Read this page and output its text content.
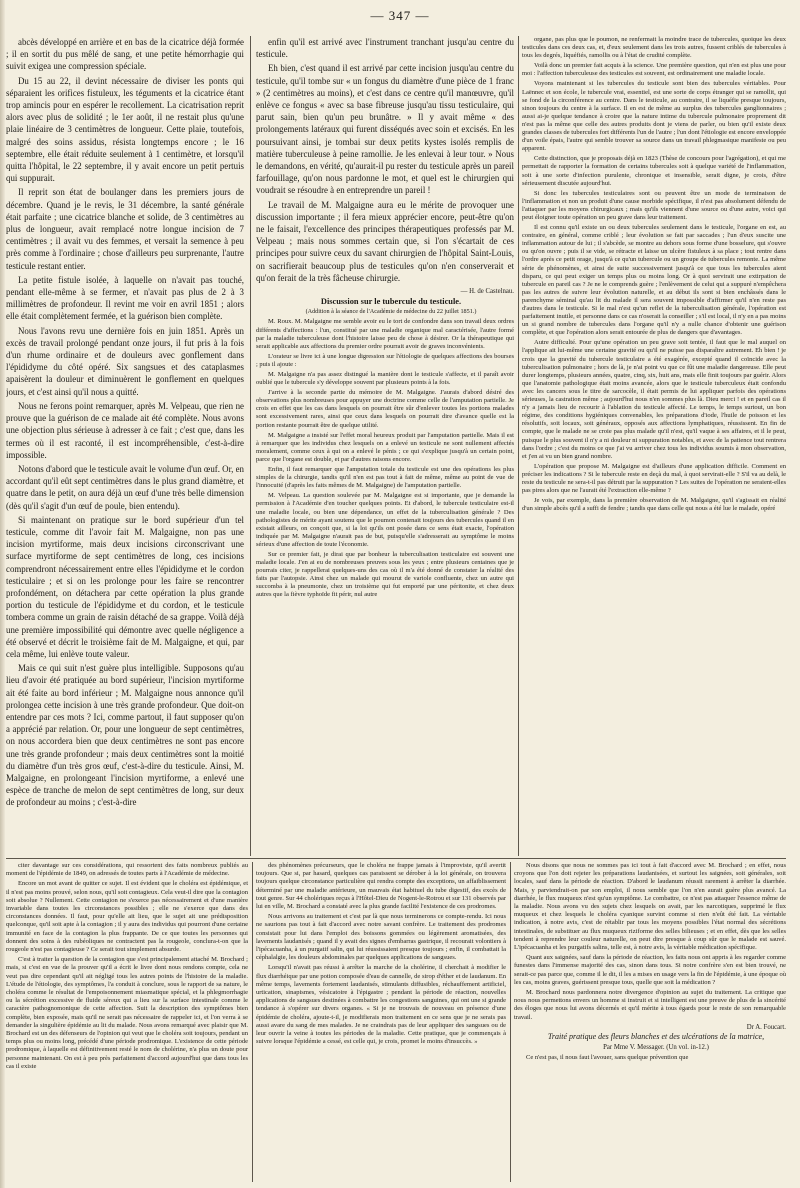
— 347 —

abcès développé en arrière et en bas de la cicatrice déjà formée ; il en sortit du pus mêlé de sang, et une petite hémorrhagie qui suivit exigea une compression spéciale.

Du 15 au 22, il devint nécessaire de diviser les ponts qui séparaient les orifices fistuleux, les téguments et la cicatrice étant trop amincis pour en espérer le recollement. La cicatrisation reprit alors avec plus de solidité ; le 1er août, il ne restait plus qu'une plaie linéaire de 3 centimètres de longueur. Cette plaie, toutefois, malgré des soins assidus, résista longtemps encore ; le 16 septembre, elle était réduite seulement à 1 centimètre, et lorsqu'il quitta l'hôpital, le 22 septembre, il y avait encore un petit pertuis qui suppurait.

Il reprit son état de boulanger dans les premiers jours de décembre. Quand je le revis, le 31 décembre, la santé générale était parfaite ; une cicatrice blanche et solide, de 3 centimètres au plus de longueur, avait remplacé notre longue incision de 7 centimètres ; il avait vu des femmes, et versait la semence à peu près comme à l'ordinaire ; chose d'ailleurs peu surprenante, l'autre testicule restant entier.

La petite fistule isolée, à laquelle on n'avait pas touché, pendant elle-même à se fermer, et n'avait pas plus de 2 à 3 millimètres de profondeur. Il revint me voir en avril 1851 ; alors elle était complètement fermée, et la guérison bien complète.

Nous l'avons revu une dernière fois en juin 1851. Après un excès de travail prolongé pendant onze jours, il fut pris à la fois d'un rhume ordinaire et de douleurs avec gonflement dans l'épididyme du côté opéré. Six sangsues et des cataplasmes apaisèrent la douleur et diminuèrent le gonflement en quelques jours, et c'est ainsi qu'il nous a quitté.

Nous ne ferons point remarquer, après M. Velpeau, que rien ne prouve que la guérison de ce malade ait été complète. Nous avons une objection plus sérieuse à adresser à ce fait ; c'est que, dans les termes où il est raconté, il est incompréhensible, c'est-à-dire impossible.

Notons d'abord que le testicule avait le volume d'un œuf. Or, en accordant qu'il eût sept centimètres dans le plus grand diamètre, et quatre dans le petit, on aura déjà un œuf d'une très belle dimension (dès qu'il s'agit d'un œuf de poule, bien entendu).

Si maintenant on pratique sur le bord supérieur d'un tel testicule, comme dit l'avoir fait M. Malgaigne, non pas une incision myrtiforme, mais deux incisions circonscrivant une surface myrtiforme de sept centimètres de long, ces incisions comprendront nécessairement entre elles l'épididyme et le cordon testiculaire ; et si on les prolonge pour les faire se rencontrer profondément, on détachera par cette opération la plus grande portion du testicule de l'épididyme et du cordon, et le testicule tombera comme un grain de raisin détaché de sa grappe. Voilà déjà une première impossibilité qui démontre avec quelle négligence a été observé et décrit le troisième fait de M. Malgaigne, et qui, par cela même, lui enlève toute valeur.

Mais ce qui suit n'est guère plus intelligible. Supposons qu'au lieu d'avoir été pratiquée au bord supérieur, l'incision myrtiforme ait été faite au bord inférieur ; M. Malgaigne nous annonce qu'il prolongea cette incision à une très grande profondeur. Que doit-on entendre par ces mots ? Ici, comme partout, il faut supposer qu'on a apprécié par relation. Or, pour une longueur de sept centimètres, on nous accordera bien que deux centimètres ne sont pas encore une très grande profondeur ; mais deux centimètres sont la moitié du diamètre d'un très gros œuf, c'est-à-dire du testicule. Ainsi, M. Malgaigne, en prolongeant l'incision myrtiforme, a enlevé une espèce de tranche de melon de sept centimètres de long, sur deux de profondeur au moins ; c'est-à-dire

enfin qu'il est arrivé avec l'instrument tranchant jusqu'au centre du testicule.

Eh bien, c'est quand il est arrivé par cette incision jusqu'au centre du testicule, qu'il tombe sur « un fongus du diamètre d'une pièce de 1 franc » (2 centimètres au moins), et c'est dans ce centre qu'il manœuvre, qu'il enlève ce fongus « avec sa base fibreuse jusqu'au tissu testiculaire, qui parut sain, bien qu'un peu brunâtre. » Il y avait même « des prolongements latéraux qui furent disséqués avec soin et excisés. En les poursuivant ainsi, je tombai sur deux petits kystes isolés remplis de matière tuberculeuse à peine ramollie. Je les enlevai à leur tour. » Nous le demandons, en vérité, qu'aurait-il pu rester du testicule après un pareil farfouillage, qu'on nous pardonne le mot, et quel est le chirurgien qui voudrait se résoudre à en entreprendre un pareil !

Le travail de M. Malgaigne aura eu le mérite de provoquer une discussion importante ; il fera mieux apprécier encore, peut-être qu'on ne le faisait, l'excellence des principes thérapeutiques professés par M. Velpeau ; mais nous sommes certain que, si l'on s'écartait de ces principes pour suivre ceux du savant chirurgien de l'hôpital Saint-Louis, on sacrifierait beaucoup plus de testicules qu'on n'en conserverait et qu'on ferait de la très fâcheuse chirurgie.

— H. de Castelnau.

Discussion sur le tubercule du testicule.

(Addition à la séance de l'Académie de médecine du 22 juillet 1851.)

M. Roux. M. Malgaigne me semble avoir eu le tort de confondre dans son travail deux ordres différents d'affections : l'un, constitué par une maladie organique mal caractérisée, l'autre formé par la maladie tuberculeuse dont l'histoire laisse peu de chose à désirer. Or la thérapeutique qui serait applicable aux affections du premier ordre pourrait avoir de graves inconvénients.

L'orateur se livre ici à une longue digression sur l'étiologie de quelques affections des bourses ; puis il ajoute :

M. Malgaigne n'a pas assez distingué la manière dont le testicule s'affecte, et il paraît avoir oublié que le tubercule s'y développe souvent par plusieurs points à la fois.

J'arrive à la seconde partie du mémoire de M. Malgaigne. J'aurais d'abord désiré des observations plus nombreuses pour appuyer une doctrine comme celle de l'amputation partielle. Je crois en effet que les cas dans lesquels on pourrait être sûr d'enlever toutes les portions malades sont excessivement rares, ainsi que ceux dans lesquels on pourrait dire d'avance quelle est la portion restante pourrait être de quelque utilité.

M. Malgaigne a insisté sur l'effet moral heureux produit par l'amputation partielle. Mais il est à remarquer que les individus chez lesquels on a enlevé un testicule ne sont nullement affectés moralement, comme ceux à qui on a enlevé le pénis ; ce qui s'explique jusqu'à un certain point, parce que l'organe est double, et par d'autres raisons encore.

Enfin, il faut remarquer que l'amputation totale du testicule est une des opérations les plus simples de la chirurgie, tandis qu'il n'en est pas tout à fait de même, même au point de vue de l'innocuité (d'après les faits mêmes de M. Malgaigne) de l'amputation partielle.

M. Velpeau. La question soulevée par M. Malgaigne est si importante, que je demande la permission à l'Académie d'en toucher quelques points. Et d'abord, le tubercule testiculaire est-il une maladie locale, ou bien une dépendance, un effet de la tuberculisation générale ? Des pathologistes de mérite ayant soutenu que le poumon contenait toujours des tubercules quand il en existait ailleurs, on conçoit que, si la loi qu'ils ont posée dans ce sens était exacte, l'opération indiquée par M. Malgaigne n'aurait pas de but, puisqu'elle s'adresserait au symptôme le moins sérieux d'une affection de toute l'économie.

Sur ce premier fait, je dirai que par bonheur la tuberculisation testiculaire est souvent une maladie locale. J'en ai eu de nombreuses preuves sous les yeux ; entre plusieurs centaines que je pourrais citer, je rappellerai quelques-uns des cas où il m'a été donné de constater la réalité des faits par l'autopsie. Ainsi chez un malade qui mourut de variole confluente, chez un autre qui succomba à la pneumonie, chez un troisième qui fut emporté par une péritonite, et chez deux autres que la fièvre typhoïde fit périr, nul autre

organe, pas plus que le poumon, ne renfermait la moindre trace de tubercules, quoique les deux testicules dans ces deux cas, et, d'eux seulement dans les trois autres, fussent criblés de tubercules à tous les degrés, liquéfiés, ramollis ou à l'état de crudité complète.

Voilà donc un premier fait acquis à la science. Une première question, qui n'en est plus une pour moi : l'affection tuberculeuse des testicules est souvent, est ordinairement une maladie locale.

Voyons maintenant si les tubercules du testicule sont bien des tubercules véritables. Pour Laënnec et son école, le tubercule vrai, essentiel, est une sorte de corps étranger qui se ramollit, qui se fond de la circonférence au centre. Dans le testicule, au contraire, il se liquéfie presque toujours, sinon toujours du centre à la surface. Il en est de même au surplus des tubercules ganglionnaires ; aussi ai-je quelque tendance à croire que la nature intime du tubercule pulmonaire proprement dit n'est pas la même que celle des autres produits dont je viens de parler, ou bien qu'il existe deux grandes classes de tubercules fort différents l'un de l'autre ; l'un dont l'étiologie est encore enveloppée d'un voile épais, l'autre qui semble trouver sa source dans un travail phlegmasique manifeste ou peu apparent.

Cette distinction, que je proposais déjà en 1823 (Thèse de concours pour l'agrégation), et qui me permettait de rapporter la formation de certains tubercules soit à quelque variété de l'inflammation, soit à une sorte d'infection purulente, chronique et insensible, serait digne, je crois, d'être sérieusement discutée aujourd'hui.

Si donc les tubercules testiculaires sont ou peuvent être un mode de terminaison de l'inflammation et non un produit d'une cause morbide spécifique, il n'est pas absolument défendu de l'attaquer par les moyens chirurgicaux ; mais qu'ils viennent d'une source ou d'une autre, voici qui peut éloigner toute opération un peu grave dans leur traitement.

Il est connu qu'il existe un ou deux tubercules seulement dans le testicule, l'organe en est, au contraire, en général, comme criblé ; leur évolution se fait par saccades ; l'un d'eux suscite une inflammation autour de lui ; il s'abcède, se montre au dehors sous forme d'une bosselure, qui s'ouvre ou qu'on ouvre ; puis il se vide, se rétracte et laisse un ulcère fistuleux à sa place ; tout rentre dans l'ordre après ce petit orage, jusqu'à ce qu'un tubercule ou un groupe de tubercules remonte. La même série de phénomènes, et ainsi de suite successivement jusqu'à ce que tous les tubercules aient disparu, ce qui peut exiger un temps plus ou moins long. Or à quoi servirait une extirpation de tubercule en pareil cas ? Je ne le comprends guère ; l'enlèvement de celui qui a suppuré n'empêchera pas les autres de suivre leur évolution naturelle, et au début ils sont si bien enchâssés dans le parenchyme séminal qu'au lit du malade il sera souvent impossible d'affirmer qu'il n'en reste pas d'autres dans le testicule. Si le mal n'est qu'un reflet de la tuberculisation générale, l'opération est parfaitement inutile, et personne dans ce cas n'oserait la conseiller ; s'il est local, il n'y en a pas moins un si grand nombre de tubercules dans l'organe qu'il n'y a nulle chance d'obtenir une guérison complète, et que l'opération alors serait entourée de plus de dangers que d'avantages.

Autre difficulté. Pour qu'une opération un peu grave soit tentée, il faut que le mal auquel on l'applique ait lui-même une certaine gravité ou qu'il ne puisse pas disparaître autrement. Eh bien ! je crois que la gravité du tubercule testiculaire a été exagérée, excepté quand il coïncide avec la tuberculisation pulmonaire ; hors de là, je n'ai point vu que ce fût une maladie dangereuse. Elle peut durer longtemps, plusieurs années, quatre, cinq, six, huit ans, mais elle finit toujours par guérir. Alors que l'anatomie pathologique était moins avancée, alors que le testicule tuberculeux était confondu avec les cancers sous le titre de sarcocèle, il était permis de lui appliquer parfois des opérations sérieuses, la castration même ; aujourd'hui nous n'en sommes plus là. Dieu merci ! et en pareil cas il n'y a jamais lieu de recourir à l'ablation du testicule affecté. Le temps, le temps surtout, un bon régime, des conditions hygiéniques convenables, les préparations d'iode, l'huile de poisson et les résolutifs, soit locaux, soit généraux, opposés aux affections lymphatiques, réussissent. En fin de compte, que le malade ne se croie pas plus malade qu'il n'est, qu'il vaque à ses affaires, et il le peut, puisque le plus souvent il n'y a ni douleur ni suppuration notables, et avec de la patience tout rentrera dans l'ordre ; c'est du moins ce que j'ai vu arriver chez tous les individus soumis à mon observation, et j'en ai vu un bien grand nombre.

L'opération que propose M. Malgaigne est d'ailleurs d'une application difficile. Comment en préciser les indications ? Si le tubercule reste en deçà du mal, à quoi servirait-elle ? S'il va au delà, le reste du testicule ne sera-t-il pas détruit par la suppuration ? Les suites de l'opération ne seraient-elles pas pires alors que ne l'aurait été l'extraction elle-même ?

Je vois, par exemple, dans la première observation de M. Malgaigne, qu'il s'agissait en réalité d'un simple abcès qu'il a suffi de fendre ; tandis que dans celle qui nous a été lue le malade, opéré

citer davantage sur ces considérations, qui ressortent des faits nombreux publiés au moment de l'épidémie de 1849, on adressés de toutes parts à l'Académie de médecine.

Encore un mot avant de quitter ce sujet. Il est évident que le choléra est épidémique, et il n'est pas moins prouvé, selon nous, qu'il soit contagieux. Cela veut-il dire que la contagion soit absolue ? Nullement. Cette contagion ne s'exerce pas nécessairement et d'une manière invariable dans toutes les circonstances possibles ; elle ne s'exerce que dans des circonstances données. Il faut, pour qu'elle ait lieu, que le sujet ait une prédisposition quelconque, qu'il soit apte à la contagion ; il y aura des individus qui pourront d'une certaine immunité en face de la contagion la plus frappante. De ce que toutes les personnes qui donnent des soins à des rubéoliques ne contractent pas la rougeole, conclura-t-on que la rougeole n'est pas contagieuse ? Ce serait tout simplement absurde.

C'est à traiter la question de la contagion que s'est principalement attaché M. Brochard ; mais, si c'est en vue de la prouver qu'il a écrit le livre dont nous rendons compte, cela ne veut pas dire cependant qu'il ait négligé tous les autres points de l'histoire de la maladie. L'étude de l'étiologie, des symptômes, l'a conduit à conclure, sous le rapport de sa nature, le choléra comme le résultat de l'empoisonnement miasmatique spécial, et la phlegmorrhagie ou la sécrétion excessive de fluide séreux qui a lieu sur la surface intestinale comme le caractère pathognomonique de cette affection. Suit la description des symptômes bien complète, bien exposée, mais qu'il ne serait pas nécessaire de rappeler ici, et l'on verra à se demander la singulière épidémie au lit du malade. Nous avons remarqué avec plaisir que M. Brochard est un des défenseurs de l'opinion qui veut que le choléra soit toujours, pendant un temps plus ou moins long, précédé d'une période prodromique. L'existence de cette période prodromique, à laquelle est définitivement resté le nom de cholérine, n'a plus un doute pour personne maintenant. On est à peu près parfaitement d'accord aujourd'hui que dans tous les cas il existe

des phénomènes précurseurs, que le choléra ne frappe jamais à l'improviste, qu'il avertit toujours. Que si, par hasard, quelques cas paraissent se dérober à la loi générale, on trouvera toujours quelque circonstance particulière qui rendra compte des exceptions, un affaiblissement déterminé par une maladie antérieure, un mauvais état habituel du tube digestif, des excès de tout genre. Sur 44 cholériques reçus à l'Hôtel-Dieu de Nogent-le-Rotrou et sur 131 observés par lui en ville, M. Brochard a constaté avec la plus grande facilité l'existence de ces prodromes.

Nous arrivons au traitement et c'est par là que nous terminerons ce compte-rendu. Ici nous ne saurions pas tout à fait d'accord avec notre savant confrère. Le traitement des prodromes consistait pour lui dans l'emploi des boissons gommées ou légèrement aromatisées, des lavements laudanisés ; quand il y avait des signes d'embarras gastrique, il recourait volontiers à l'ipécacuanha, à un purgatif salin, qui lui réussissaient presque toujours ; enfin, il combattait la céphalalgie, les douleurs abdominales par quelques applications de sangsues.

Lorsqu'il n'avait pas réussi à arrêter la marche de la cholérine, il cherchait à modifier le flux diarrhéique par une potion composée d'eau de cannelle, de sirop d'éther et de laudanum. En même temps, lavements fortement laudanisés, stimulants diffusibles, réchauffement artificiel, urtication, sinapismes, vésicatoire à l'épigastre ; pendant la période de réaction, nouvelles applications de sangsues destinées à combattre les congestions sanguines, qui ont une si grande tendance à s'opérer sur divers organes. « Si je ne trouvais de nouveau en présence d'une épidémie de choléra, ajoute-t-il, je modifierais mon traitement en ce sens que je ne serais pas aussi avare du sang de mes malades. Je ne craindrais pas de leur appliquer des sangsues ou de leur ouvrir la veine à toutes les périodes de la maladie. Cette pratique, que je commençais à suivre lorsque l'épidémie a cessé, est celle qui, je crois, promet le moins d'insuccès. »

Nous disons que nous ne sommes pas ici tout à fait d'accord avec M. Brochard ; en effet, nous croyons que l'on doit rejeter les préparations laudanisées, et surtout les saignées, soit générales, soit locales, sauf dans la période de réaction. D'abord le laudanum réussit rarement à arrêter la diarrhée. Mais, y parviendrait-on par son emploi, il nous semble que l'on n'en aurait guère plus avancé. La diarrhée, le flux muqueux n'est qu'un symptôme. Le combattre, ce n'est pas attaquer l'essence même de la maladie. Nous avons vu des sujets chez lesquels on avait, par les narcotiques, supprimé le flux muqueux et chez lesquels le choléra cyanique survint comme si rien n'eût été fait. La véritable indication, à notre avis, c'est de rétablir par tous les moyens possibles l'état normal des sécrétions intestinales, de substituer au flux muqueux riziforme des selles bilieuses ; et en effet, dès que les selles tendent à reprendre leur couleur naturelle, on peut dire presque à coup sûr que le malade est sauvé. L'ipécacuanha et les purgatifs salins, telle est, à notre avis, la véritable médication spécifique.

Quant aux saignées, sauf dans la période de réaction, les faits nous ont appris à les regarder comme funestes dans l'immense majorité des cas, sinon dans tous. Si notre confrère s'en est bien trouvé, ne serait-ce pas parce que, comme il le dit, il les a mises en usage vers la fin de l'épidémie, à une époque où les cas, moins graves, guérissent presque tous, quelle que soit la médication ?

M. Brochard nous pardonnera notre divergence d'opinion au sujet du traitement. La critique que nous nous permettons envers un homme si instruit et si intelligent est une preuve de plus de la sincérité des éloges que nous lui avons décernés et qu'il mérite à tous égards pour le reste de son remarquable travail.

Dr A. Foucart.

Traité pratique des fleurs blanches et des ulcérations de la matrice,

Par Mme V. Messager. (Un vol. in-12.)

Ce n'est pas, il nous faut l'avouer, sans quelque prévention que
